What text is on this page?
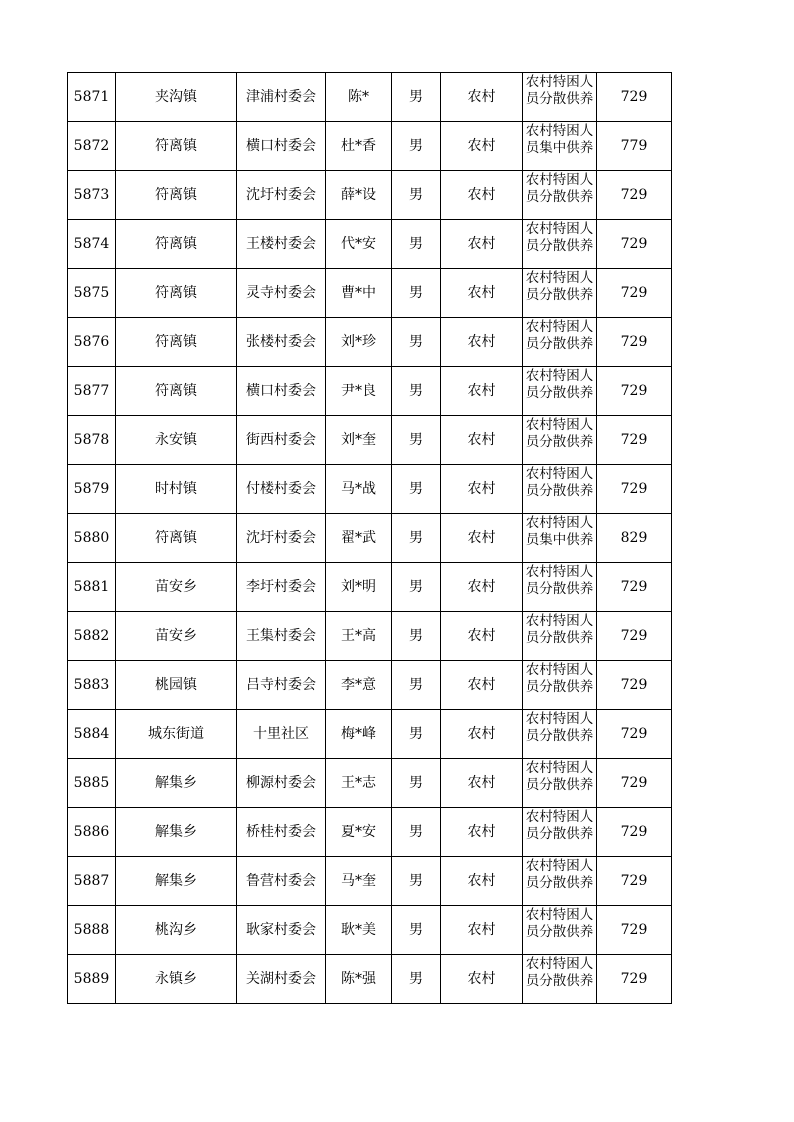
5871	夹沟镇	津浦村委会	陈*	男	农村	农村特困人员分散供养	729
5872	符离镇	横口村委会	杜*香	男	农村	农村特困人员集中供养	779
5873	符离镇	沈圩村委会	薛*设	男	农村	农村特困人员分散供养	729
5874	符离镇	王楼村委会	代*安	男	农村	农村特困人员分散供养	729
5875	符离镇	灵寺村委会	曹*中	男	农村	农村特困人员分散供养	729
5876	符离镇	张楼村委会	刘*珍	男	农村	农村特困人员分散供养	729
5877	符离镇	横口村委会	尹*良	男	农村	农村特困人员分散供养	729
5878	永安镇	街西村委会	刘*奎	男	农村	农村特困人员分散供养	729
5879	时村镇	付楼村委会	马*战	男	农村	农村特困人员分散供养	729
5880	符离镇	沈圩村委会	翟*武	男	农村	农村特困人员集中供养	829
5881	苗安乡	李圩村委会	刘*明	男	农村	农村特困人员分散供养	729
5882	苗安乡	王集村委会	王*高	男	农村	农村特困人员分散供养	729
5883	桃园镇	吕寺村委会	李*意	男	农村	农村特困人员分散供养	729
5884	城东街道	十里社区	梅*峰	男	农村	农村特困人员分散供养	729
5885	解集乡	柳源村委会	王*志	男	农村	农村特困人员分散供养	729
5886	解集乡	桥桂村委会	夏*安	男	农村	农村特困人员分散供养	729
5887	解集乡	鲁营村委会	马*奎	男	农村	农村特困人员分散供养	729
5888	桃沟乡	耿家村委会	耿*美	男	农村	农村特困人员分散供养	729
5889	永镇乡	关湖村委会	陈*强	男	农村	农村特困人员分散供养	729
